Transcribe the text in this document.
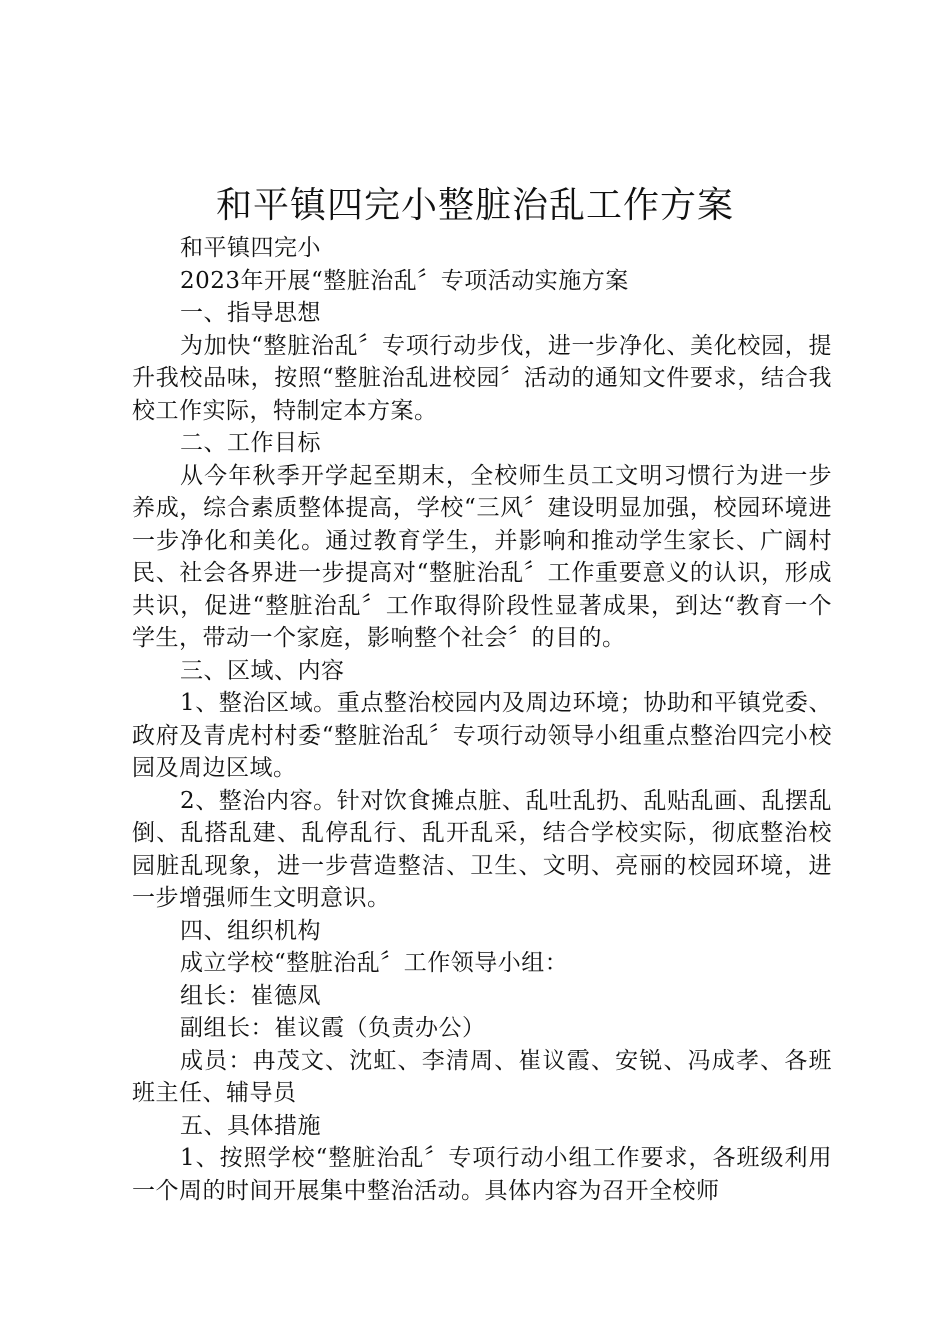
和平镇四完小整脏治乱工作方案

和平镇四完小

2023年开展“整脏治乱〞专项活动实施方案

一、指导思想

为加快“整脏治乱〞专项行动步伐，进一步净化、美化校园，提升我校品味，按照“整脏治乱进校园〞活动的通知文件要求，结合我校工作实际，特制定本方案。

二、工作目标

从今年秋季开学起至期末，全校师生员工文明习惯行为进一步养成，综合素质整体提高，学校“三风〞建设明显加强，校园环境进一步净化和美化。通过教育学生，并影响和推动学生家长、广阔村民、社会各界进一步提高对“整脏治乱〞工作重要意义的认识，形成共识，促进“整脏治乱〞工作取得阶段性显著成果，到达“教育一个学生，带动一个家庭，影响整个社会〞的目的。

三、区域、内容

1、整治区域。重点整治校园内及周边环境；协助和平镇党委、政府及青虎村村委“整脏治乱〞专项行动领导小组重点整治四完小校园及周边区域。

2、整治内容。针对饮食摊点脏、乱吐乱扔、乱贴乱画、乱摆乱倒、乱搭乱建、乱停乱行、乱开乱采，结合学校实际，彻底整治校园脏乱现象，进一步营造整洁、卫生、文明、亮丽的校园环境，进一步增强师生文明意识。

四、组织机构

成立学校“整脏治乱〞工作领导小组：

组长：崔德凤

副组长：崔议霞（负责办公）

成员：冉茂文、沈虹、李清周、崔议霞、安锐、冯成孝、各班班主任、辅导员

五、具体措施

1、按照学校“整脏治乱〞专项行动小组工作要求，各班级利用一个周的时间开展集中整治活动。具体内容为召开全校师
